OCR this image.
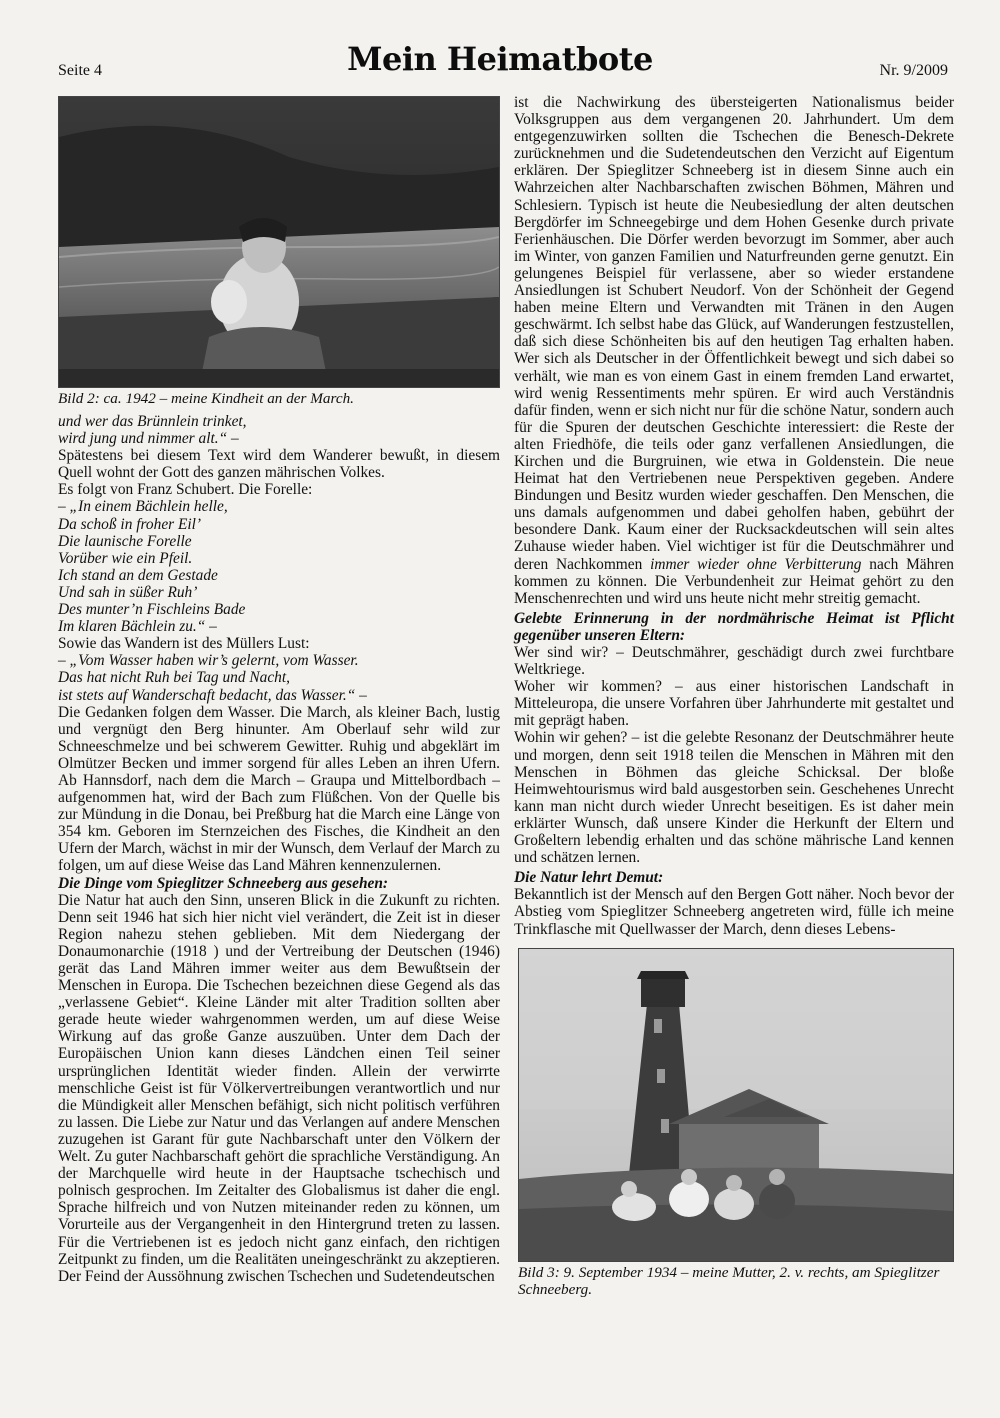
Seite 4	Mein Heimatbote	Nr. 9/2009

Bild 2: ca. 1942 – meine Kindheit an der March.

und wer das Brünnlein trinket,

wird jung und nimmer alt.“ –

Spätestens bei diesem Text wird dem Wanderer bewußt, in diesem Quell wohnt der Gott des ganzen mährischen Volkes.

Es folgt von Franz Schubert. Die Forelle:

– „In einem Bächlein helle,

Da schoß in froher Eil’

Die launische Forelle

Vorüber wie ein Pfeil.

Ich stand an dem Gestade

Und sah in süßer Ruh’

Des munter’n Fischleins Bade

Im klaren Bächlein zu.“ –

Sowie das Wandern ist des Müllers Lust:

– „Vom Wasser haben wir’s gelernt, vom Wasser.

Das hat nicht Ruh bei Tag und Nacht,

ist stets auf Wanderschaft bedacht, das Wasser.“ –

Die Gedanken folgen dem Wasser. Die March, als kleiner Bach, lustig und vergnügt den Berg hinunter. Am Oberlauf sehr wild zur Schneeschmelze und bei schwerem Gewitter. Ruhig und abgeklärt im Olmützer Becken und immer sorgend für alles Leben an ihren Ufern. Ab Hannsdorf, nach dem die March – Graupa und Mittelbordbach – aufgenommen hat, wird der Bach zum Flüßchen. Von der Quelle bis zur Mündung in die Donau, bei Preßburg hat die March eine Länge von 354 km. Geboren im Sternzeichen des Fisches, die Kindheit an den Ufern der March, wächst in mir der Wunsch, dem Verlauf der March zu folgen, um auf diese Weise das Land Mähren kennenzulernen.

Die Dinge vom Spieglitzer Schneeberg aus gesehen:

Die Natur hat auch den Sinn, unseren Blick in die Zukunft zu richten. Denn seit 1946 hat sich hier nicht viel verändert, die Zeit ist in dieser Region nahezu stehen geblieben. Mit dem Niedergang der Donaumonarchie (1918 ) und der Vertreibung der Deutschen (1946) gerät das Land Mähren immer weiter aus dem Bewußtsein der Menschen in Europa. Die Tschechen bezeichnen diese Gegend als das „verlassene Gebiet“. Kleine Länder mit alter Tradition sollten aber gerade heute wieder wahrgenommen werden, um auf diese Weise Wirkung auf das große Ganze auszuüben. Unter dem Dach der Europäischen Union kann dieses Ländchen einen Teil seiner ursprünglichen Identität wieder finden. Allein der verwirrte menschliche Geist ist für Völkervertreibungen verantwortlich und nur die Mündigkeit aller Menschen befähigt, sich nicht politisch verführen zu lassen. Die Liebe zur Natur und das Verlangen auf andere Menschen zuzugehen ist Garant für gute Nachbarschaft unter den Völkern der Welt. Zu guter Nachbarschaft gehört die sprachliche Verständigung. An der Marchquelle wird heute in der Hauptsache tschechisch und polnisch gesprochen. Im Zeitalter des Globalismus ist daher die engl. Sprache hilfreich und von Nutzen miteinander reden zu können, um Vorurteile aus der Vergangenheit in den Hintergrund treten zu lassen. Für die Vertriebenen ist es jedoch nicht ganz einfach, den richtigen Zeitpunkt zu finden, um die Realitäten uneingeschränkt zu akzeptieren. Der Feind der Aussöhnung zwischen Tschechen und Sudetendeutschen

ist die Nachwirkung des übersteigerten Nationalismus beider Volksgruppen aus dem vergangenen 20. Jahrhundert. Um dem entgegenzuwirken sollten die Tschechen die Benesch-Dekrete zurücknehmen und die Sudetendeutschen den Verzicht auf Eigentum erklären. Der Spieglitzer Schneeberg ist in diesem Sinne auch ein Wahrzeichen alter Nachbarschaften zwischen Böhmen, Mähren und Schlesiern. Typisch ist heute die Neubesiedlung der alten deutschen Bergdörfer im Schneegebirge und dem Hohen Gesenke durch private Ferienhäuschen. Die Dörfer werden bevorzugt im Sommer, aber auch im Winter, von ganzen Familien und Naturfreunden gerne genutzt. Ein gelungenes Beispiel für verlassene, aber so wieder erstandene Ansiedlungen ist Schubert Neudorf. Von der Schönheit der Gegend haben meine Eltern und Verwandten mit Tränen in den Augen geschwärmt. Ich selbst habe das Glück, auf Wanderungen festzustellen, daß sich diese Schönheiten bis auf den heutigen Tag erhalten haben. Wer sich als Deutscher in der Öffentlichkeit bewegt und sich dabei so verhält, wie man es von einem Gast in einem fremden Land erwartet, wird wenig Ressentiments mehr spüren. Er wird auch Verständnis dafür finden, wenn er sich nicht nur für die schöne Natur, sondern auch für die Spuren der deutschen Geschichte interessiert: die Reste der alten Friedhöfe, die teils oder ganz verfallenen Ansiedlungen, die Kirchen und die Burgruinen, wie etwa in Goldenstein. Die neue Heimat hat den Vertriebenen neue Perspektiven gegeben. Andere Bindungen und Besitz wurden wieder geschaffen. Den Menschen, die uns damals aufgenommen und dabei geholfen haben, gebührt der besondere Dank. Kaum einer der Rucksackdeutschen will sein altes Zuhause wieder haben. Viel wichtiger ist für die Deutschmährer und deren Nachkommen immer wieder ohne Verbitterung nach Mähren kommen zu können. Die Verbundenheit zur Heimat gehört zu den Menschenrechten und wird uns heute nicht mehr streitig gemacht.

Gelebte Erinnerung in der nordmährische Heimat ist Pflicht gegenüber unseren Eltern:

Wer sind wir? – Deutschmährer, geschädigt durch zwei furchtbare Weltkriege.

Woher wir kommen? – aus einer historischen Landschaft in Mitteleuropa, die unsere Vorfahren über Jahrhunderte mit gestaltet und mit geprägt haben.

Wohin wir gehen? – ist die gelebte Resonanz der Deutschmährer heute und morgen, denn seit 1918 teilen die Menschen in Mähren mit den Menschen in Böhmen das gleiche Schicksal. Der bloße Heimwehtourismus wird bald ausgestorben sein. Geschehenes Unrecht kann man nicht durch wieder Unrecht beseitigen. Es ist daher mein erklärter Wunsch, daß unsere Kinder die Herkunft der Eltern und Großeltern lebendig erhalten und das schöne mährische Land kennen und schätzen lernen.

Die Natur lehrt Demut:

Bekanntlich ist der Mensch auf den Bergen Gott näher. Noch bevor der Abstieg vom Spieglitzer Schneeberg angetreten wird, fülle ich meine Trinkflasche mit Quellwasser der March, denn dieses Lebens-

Bild 3: 9. September 1934 – meine Mutter, 2. v. rechts, am Spieglitzer Schneeberg.
